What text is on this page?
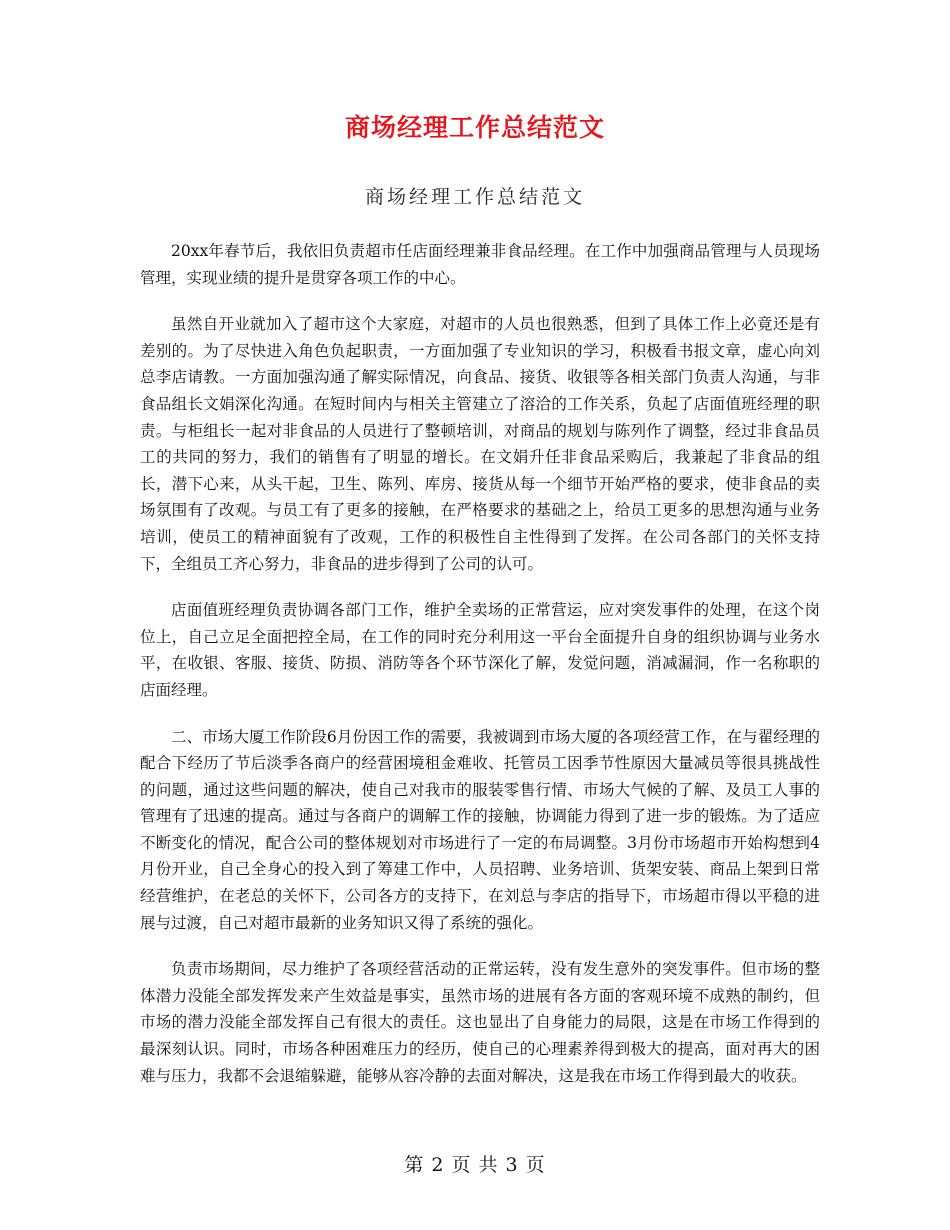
商场经理工作总结范文
商场经理工作总结范文

20xx年春节后，我依旧负责超市任店面经理兼非食品经理。在工作中加强商品管理与人员现场管理，实现业绩的提升是贯穿各项工作的中心。

虽然自开业就加入了超市这个大家庭，对超市的人员也很熟悉，但到了具体工作上必竟还是有差别的。为了尽快进入角色负起职责，一方面加强了专业知识的学习，积极看书报文章，虚心向刘总李店请教。一方面加强沟通了解实际情况，向食品、接货、收银等各相关部门负责人沟通，与非食品组长文娟深化沟通。在短时间内与相关主管建立了溶洽的工作关系，负起了店面值班经理的职责。与柜组长一起对非食品的人员进行了整顿培训，对商品的规划与陈列作了调整，经过非食品员工的共同的努力，我们的销售有了明显的增长。在文娟升任非食品采购后，我兼起了非食品的组长，潜下心来，从头干起，卫生、陈列、库房、接货从每一个细节开始严格的要求，使非食品的卖场氛围有了改观。与员工有了更多的接触，在严格要求的基础之上，给员工更多的思想沟通与业务培训，使员工的精神面貌有了改观，工作的积极性自主性得到了发挥。在公司各部门的关怀支持下，全组员工齐心努力，非食品的进步得到了公司的认可。

店面值班经理负责协调各部门工作，维护全卖场的正常营运，应对突发事件的处理，在这个岗位上，自己立足全面把控全局，在工作的同时充分利用这一平台全面提升自身的组织协调与业务水平，在收银、客服、接货、防损、消防等各个环节深化了解，发觉问题，消减漏洞，作一名称职的店面经理。

二、市场大厦工作阶段6月份因工作的需要，我被调到市场大厦的各项经营工作，在与翟经理的配合下经历了节后淡季各商户的经营困境租金难收、托管员工因季节性原因大量减员等很具挑战性的问题，通过这些问题的解决，使自己对我市的服装零售行情、市场大气候的了解、及员工人事的管理有了迅速的提高。通过与各商户的调解工作的接触，协调能力得到了进一步的锻炼。为了适应不断变化的情况，配合公司的整体规划对市场进行了一定的布局调整。3月份市场超市开始构想到4月份开业，自己全身心的投入到了筹建工作中，人员招聘、业务培训、货架安装、商品上架到日常经营维护，在老总的关怀下，公司各方的支持下，在刘总与李店的指导下，市场超市得以平稳的进展与过渡，自己对超市最新的业务知识又得了系统的强化。

负责市场期间，尽力维护了各项经营活动的正常运转，没有发生意外的突发事件。但市场的整体潜力没能全部发挥发来产生效益是事实，虽然市场的进展有各方面的客观环境不成熟的制约，但市场的潜力没能全部发挥自己有很大的责任。这也显出了自身能力的局限，这是在市场工作得到的最深刻认识。同时，市场各种困难压力的经历，使自己的心理素养得到极大的提高，面对再大的困难与压力，我都不会退缩躲避，能够从容冷静的去面对解决，这是我在市场工作得到最大的收获。

第 2 页 共 3 页
